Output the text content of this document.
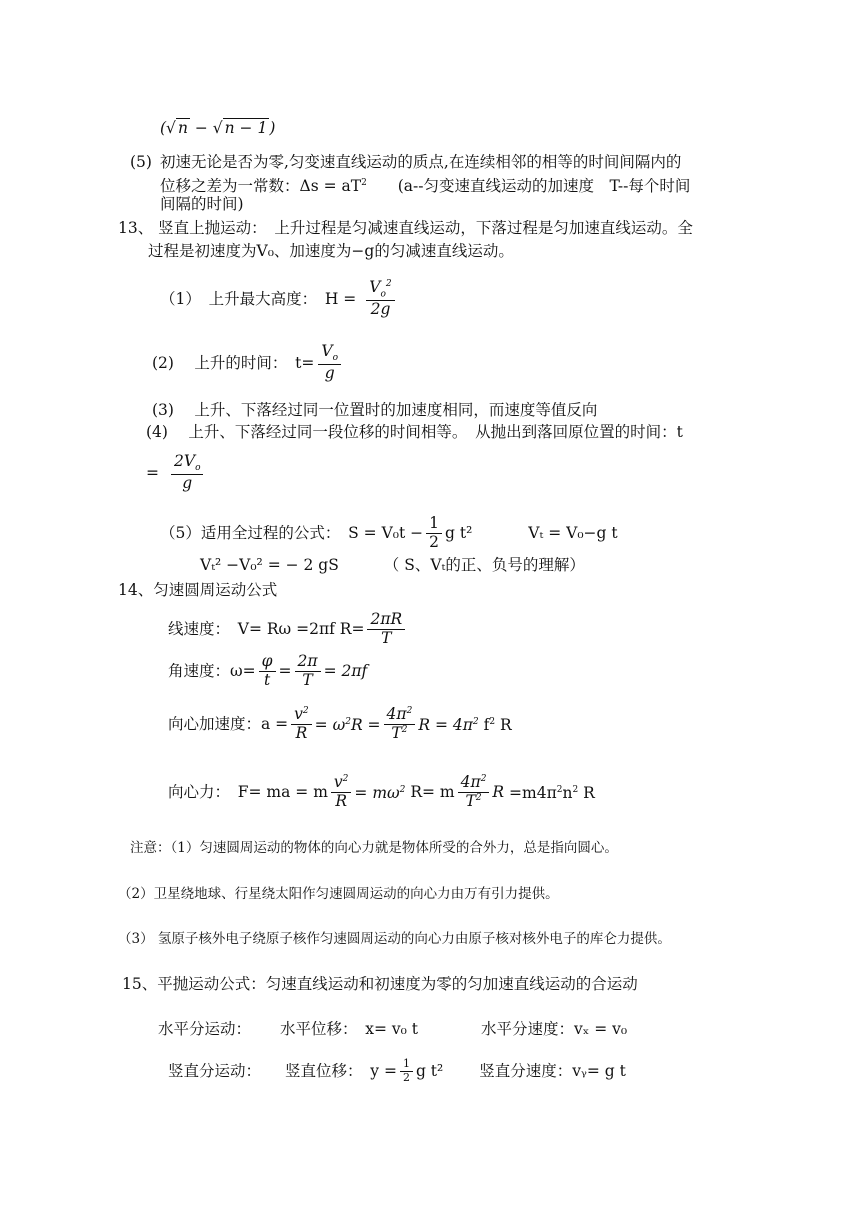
(√ n − √ n − 1 )
(5) 初速无论是否为零,匀变速直线运动的质点,在连续相邻的相等的时间间隔内的
位移之差为一常数：$\Delta s = aT^2$ (a--匀变速直线运动的加速度　T--每个时间
间隔的时间)
13、 竖直上抛运动：　上升过程是匀减速直线运动，下落过程是匀加速直线运动。全
过程是初速度为V₀、加速度为−g的匀减速直线运动。
（1）　上升最大高度：　$H = \frac{V_o^2}{2g}$
(2)　 上升的时间：　$t= \frac{V_o}{g}$
(3)　 上升、下落经过同一位置时的加速度相同，而速度等值反向
(4)　 上升、下落经过同一段位移的时间相等。　从抛出到落回原位置的时间：t
= $\frac{2V_o}{g}$
（5）适用全过程的公式：　$S = V_0t - \frac{1}{2}$ g t²	Vₜ = V₀−g t
Vₜ² −V₀² = − 2 gS	（ S、Vₜ的正、负号的理解）
14、匀速圆周运动公式
线速度：　V= Rω =2πf $R= \frac{2\pi R}{T}$
角速度：$\omega= \frac{\varphi}{t} = \frac{2\pi}{T} = 2\pi f$
向心加速度：$a = \frac{v^2}{R} = \omega^2R = \frac{4\pi^2}{T^2}$ $R = 4\pi^2$ $f^2$ R
向心力：　F= ma = m $\frac{v^2}{R} = m\omega^2$ R= m $\frac{4\pi^2}{T^2}$ $R =m4\pi^2n^2$ R
注意：（1）匀速圆周运动的物体的向心力就是物体所受的合外力，总是指向圆心。
（2）卫星绕地球、行星绕太阳作匀速圆周运动的向心力由万有引力提供。
（3） 氢原子核外电子绕原子核作匀速圆周运动的向心力由原子核对核外电子的库仑力提供。
15、平抛运动公式：匀速直线运动和初速度为零的匀加速直线运动的合运动
水平分运动： 水平位移：　x= v₀ t	水平分速度：vₓ = v₀
竖直分运动： 竖直位移：　$y = \frac{1}{2}$ g t² 竖直分速度：vᵧ= g t
